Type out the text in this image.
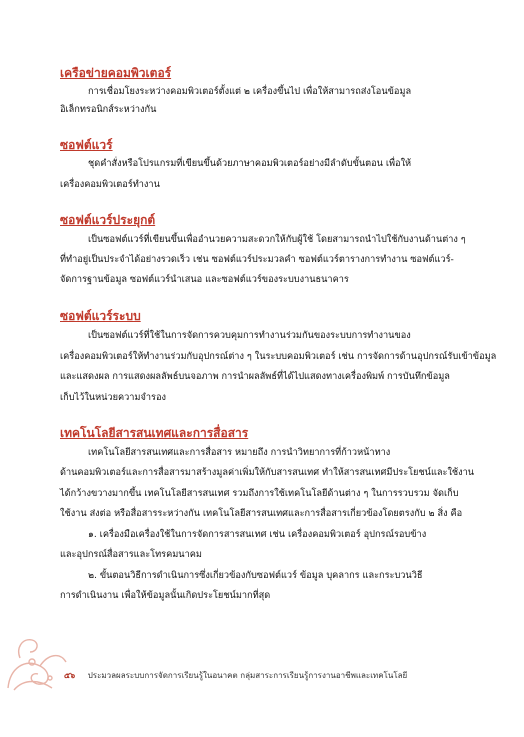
เครือข่ายคอมพิวเตอร์
การเชื่อมโยงระหว่างคอมพิวเตอร์ตั้งแต่ ๒ เครื่องขึ้นไป เพื่อให้สามารถส่งโอนข้อมูล
อิเล็กทรอนิกส์ระหว่างกัน
ซอฟต์แวร์
ชุดคำสั่งหรือโปรแกรมที่เขียนขึ้นด้วยภาษาคอมพิวเตอร์อย่างมีลำดับขั้นตอน เพื่อให้
เครื่องคอมพิวเตอร์ทำงาน
ซอฟต์แวร์ประยุกต์
เป็นซอฟต์แวร์ที่เขียนขึ้นเพื่ออำนวยความสะดวกให้กับผู้ใช้ โดยสามารถนำไปใช้กับงานด้านต่าง ๆ
ที่ทำอยู่เป็นประจำได้อย่างรวดเร็ว เช่น ซอฟต์แวร์ประมวลคำ ซอฟต์แวร์ตารางการทำงาน ซอฟต์แวร์-
จัดการฐานข้อมูล ซอฟต์แวร์นำเสนอ และซอฟต์แวร์ของระบบงานธนาคาร
ซอฟต์แวร์ระบบ
เป็นซอฟต์แวร์ที่ใช้ในการจัดการควบคุมการทำงานร่วมกันของระบบการทำงานของ
เครื่องคอมพิวเตอร์ให้ทำงานร่วมกับอุปกรณ์ต่าง ๆ ในระบบคอมพิวเตอร์ เช่น การจัดการด้านอุปกรณ์รับเข้าข้อมูล
และแสดงผล การแสดงผลลัพธ์บนจอภาพ การนำผลลัพธ์ที่ได้ไปแสดงทางเครื่องพิมพ์ การบันทึกข้อมูล
เก็บไว้ในหน่วยความจำรอง
เทคโนโลยีสารสนเทศและการสื่อสาร
เทคโนโลยีสารสนเทศและการสื่อสาร หมายถึง การนำวิทยาการที่ก้าวหน้าทาง
ด้านคอมพิวเตอร์และการสื่อสารมาสร้างมูลค่าเพิ่มให้กับสารสนเทศ ทำให้สารสนเทศมีประโยชน์และใช้งาน
ได้กว้างขวางมากขึ้น เทคโนโลยีสารสนเทศ รวมถึงการใช้เทคโนโลยีด้านต่าง ๆ ในการรวบรวม จัดเก็บ
ใช้งาน ส่งต่อ หรือสื่อสารระหว่างกัน เทคโนโลยีสารสนเทศและการสื่อสารเกี่ยวข้องโดยตรงกับ ๒ สิ่ง คือ
๑. เครื่องมือเครื่องใช้ในการจัดการสารสนเทศ เช่น เครื่องคอมพิวเตอร์ อุปกรณ์รอบข้าง
และอุปกรณ์สื่อสารและโทรคมนาคม
๒. ขั้นตอนวิธีการดำเนินการซึ่งเกี่ยวข้องกับซอฟต์แวร์ ข้อมูล บุคลากร และกระบวนวิธี
การดำเนินงาน เพื่อให้ข้อมูลนั้นเกิดประโยชน์มากที่สุด
๕๖ ประมวลผลระบบการจัดการเรียนรู้ในอนาคต กลุ่มสาระการเรียนรู้การงานอาชีพและเทคโนโลยี
